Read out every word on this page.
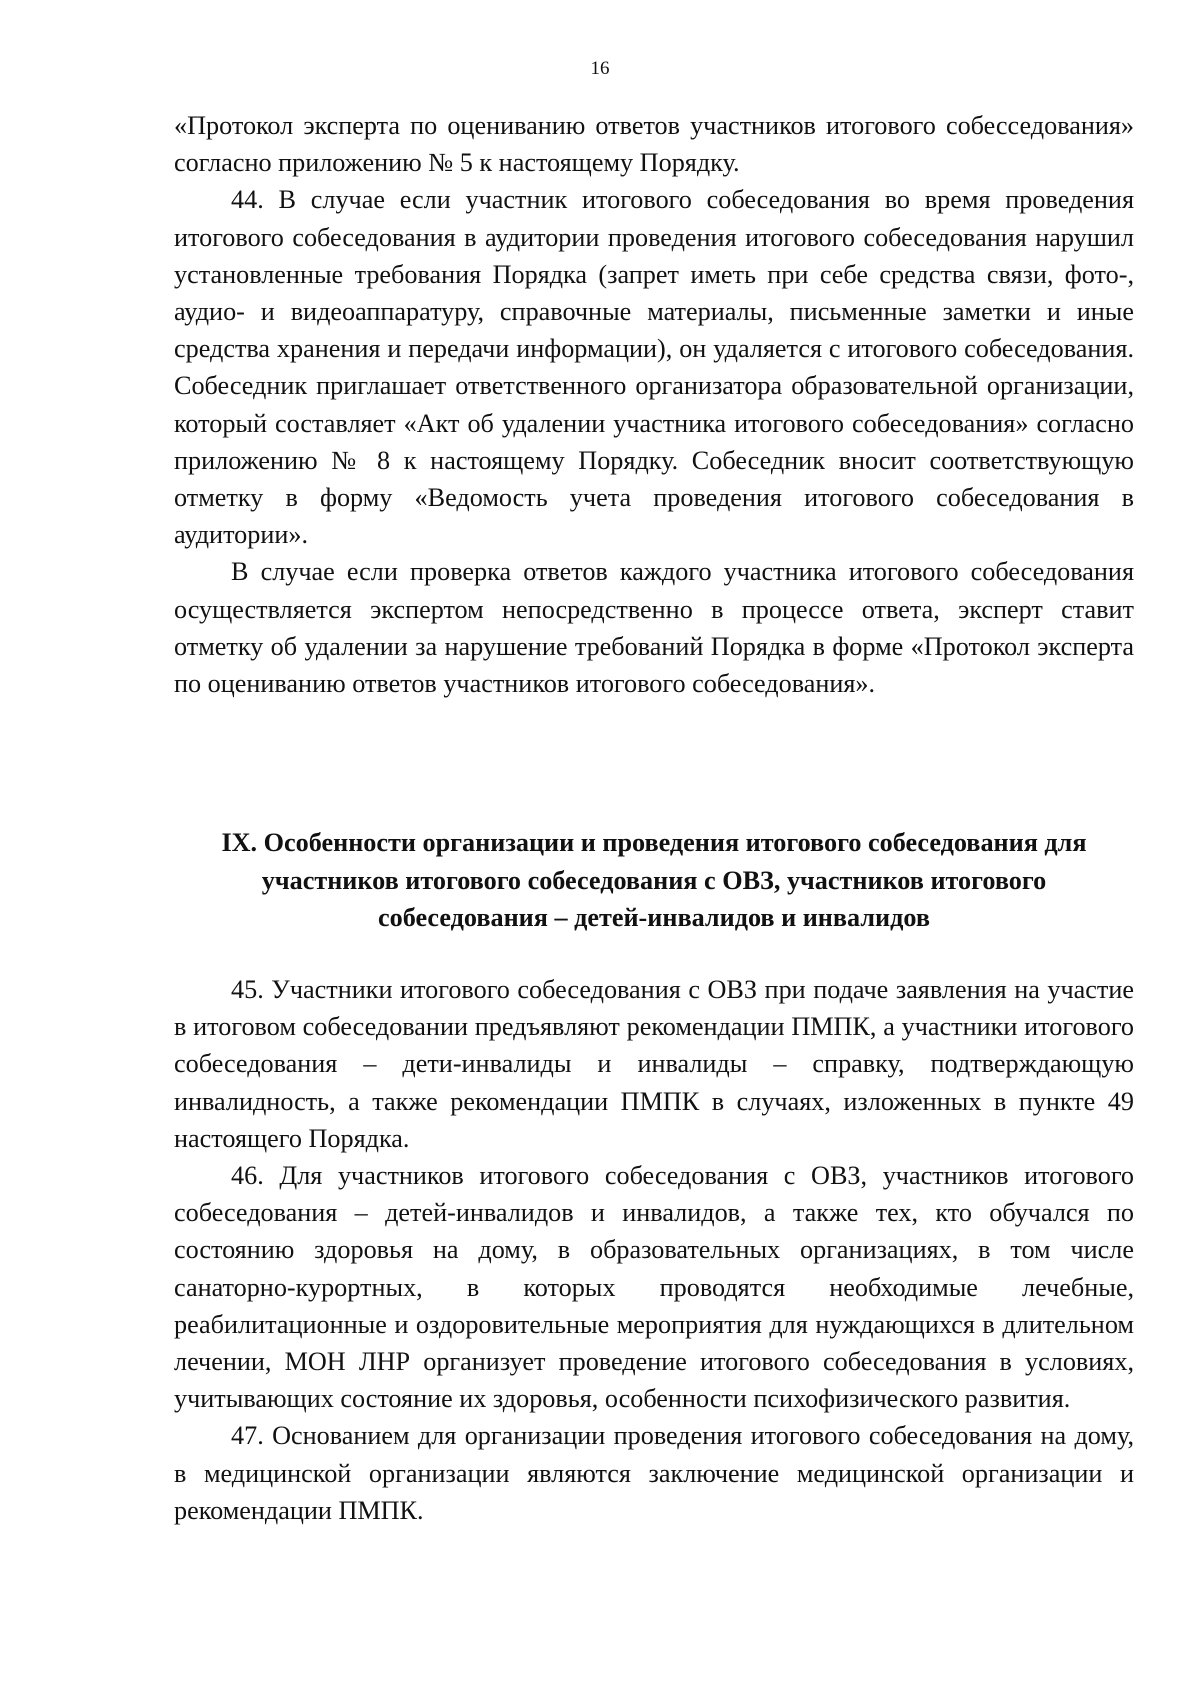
16

«Протокол эксперта по оцениванию ответов участников итогового собесседования» согласно приложению № 5 к настоящему Порядку.

44. В случае если участник итогового собеседования во время проведения итогового собеседования в аудитории проведения итогового собеседования нарушил установленные требования Порядка (запрет иметь при себе средства связи, фото-, аудио- и видеоаппаратуру, справочные материалы, письменные заметки и иные средства хранения и передачи информации), он удаляется с итогового собеседования. Собеседник приглашает ответственного организатора образовательной организации, который составляет «Акт об удалении участника итогового собеседования» согласно приложению № 8 к настоящему Порядку. Собеседник вносит соответствующую отметку в форму «Ведомость учета проведения итогового собеседования в аудитории».

В случае если проверка ответов каждого участника итогового собеседования осуществляется экспертом непосредственно в процессе ответа, эксперт ставит отметку об удалении за нарушение требований Порядка в форме «Протокол эксперта по оцениванию ответов участников итогового собеседования».

IX. Особенности организации и проведения итогового собеседования для
участников итогового собеседования с ОВЗ, участников итогового
собеседования – детей-инвалидов и инвалидов

45. Участники итогового собеседования с ОВЗ при подаче заявления на участие в итоговом собеседовании предъявляют рекомендации ПМПК, а участники итогового собеседования – дети-инвалиды и инвалиды – справку, подтверждающую инвалидность, а также рекомендации ПМПК в случаях, изложенных в пункте 49 настоящего Порядка.

46. Для участников итогового собеседования с ОВЗ, участников итогового собеседования – детей-инвалидов и инвалидов, а также тех, кто обучался по состоянию здоровья на дому, в образовательных организациях, в том числе санаторно-курортных, в которых проводятся необходимые лечебные, реабилитационные и оздоровительные мероприятия для нуждающихся в длительном лечении, МОН ЛНР организует проведение итогового собеседования в условиях, учитывающих состояние их здоровья, особенности психофизического развития.

47. Основанием для организации проведения итогового собеседования на дому, в медицинской организации являются заключение медицинской организации и рекомендации ПМПК.
